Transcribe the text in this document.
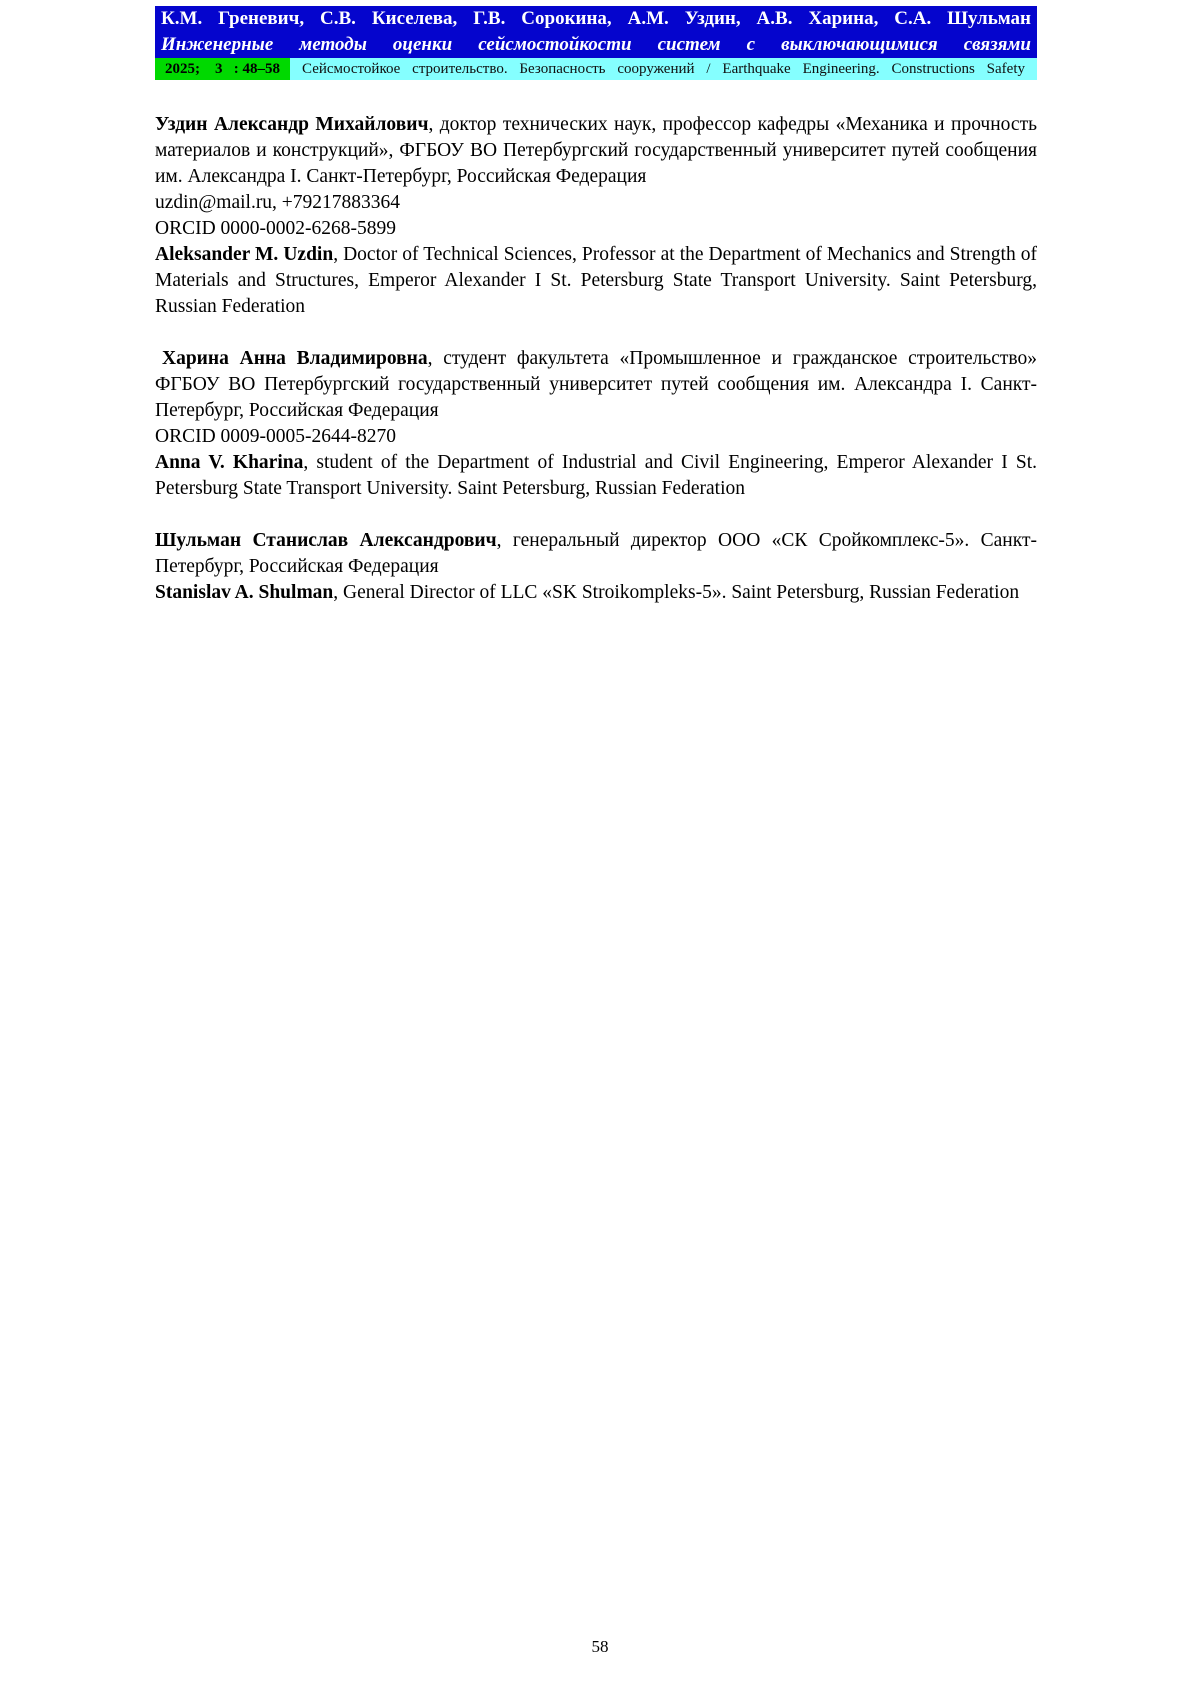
К.М. Греневич, С.В. Киселева, Г.В. Сорокина, А.М. Уздин, А.В. Харина, С.А. Шульман
Инженерные методы оценки сейсмостойкости систем с выключающимися связями
2025;    3   : 48–58	Сейсмостойкое строительство. Безопасность сооружений / Earthquake Engineering. Constructions Safety

Уздин Александр Михайлович, доктор технических наук, профессор кафедры «Механика и прочность материалов и конструкций», ФГБОУ ВО Петербургский государственный университет путей сообщения им. Александра I. Санкт-Петербург, Российская Федерация

uzdin@mail.ru, +79217883364

ORCID 0000-0002-6268-5899

Aleksander M. Uzdin, Doctor of Technical Sciences, Professor at the Department of Mechanics and Strength of Materials and Structures, Emperor Alexander I St. Petersburg State Transport University. Saint Petersburg, Russian Federation

Харина Анна Владимировна, студент факультета «Промышленное и гражданское строительство» ФГБОУ ВО Петербургский государственный университет путей сообщения им. Александра I. Санкт-Петербург, Российская Федерация

ORCID 0009-0005-2644-8270

Anna V. Kharina, student of the Department of Industrial and Civil Engineering, Emperor Alexander I St. Petersburg State Transport University. Saint Petersburg, Russian Federation

Шульман Станислав Александрович, генеральный директор ООО «СК Сройкомплекс-5». Санкт-Петербург, Российская Федерация

Stanislav A. Shulman, General Director of LLC «SK Stroikompleks-5». Saint Petersburg, Russian Federation

58
